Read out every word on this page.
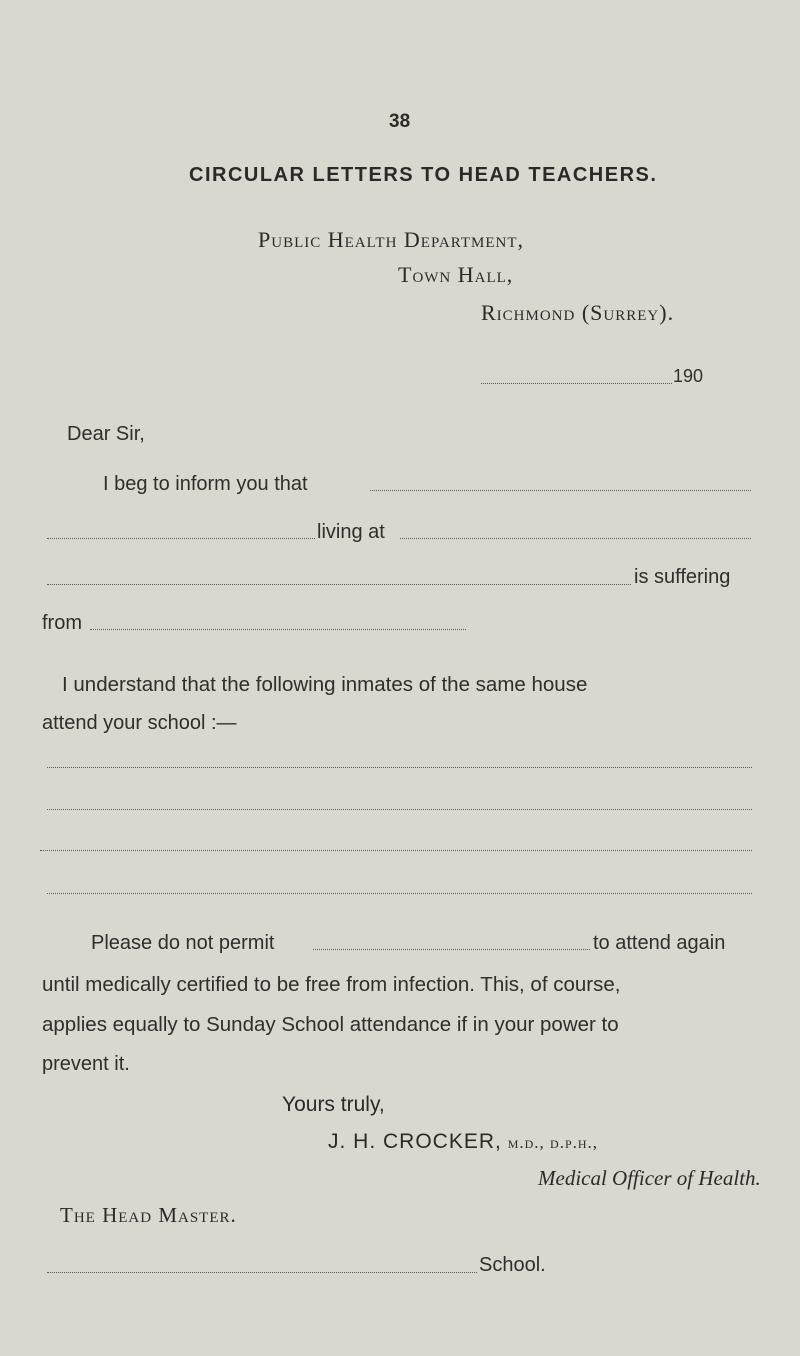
38
CIRCULAR LETTERS TO HEAD TEACHERS.
Public Health Department,
Town Hall,
Richmond (Surrey).
190
Dear Sir,
I beg to inform you that
living at
is suffering
from
I understand that the following inmates of the same house
attend your school :—
Please do not permit	to attend again
until medically certified to be free from infection. This, of course,
applies equally to Sunday School attendance if in your power to
prevent it.
Yours truly,
J. H. CROCKER, m.d., d.p.h.,
Medical Officer of Health.
The Head Master.
School.
